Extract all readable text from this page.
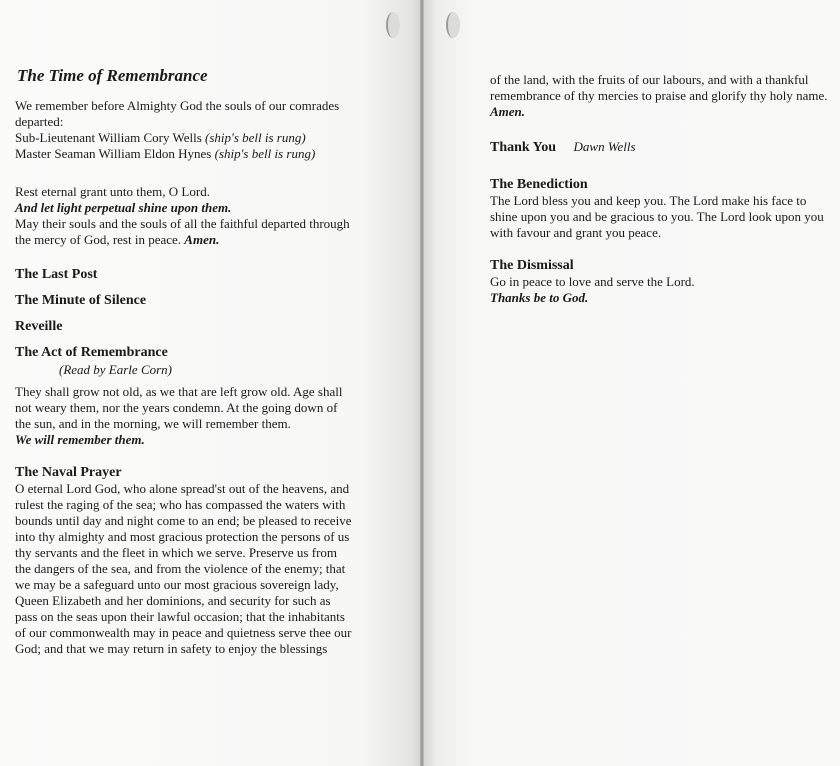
The Time of Remembrance

We remember before Almighty God the souls of our comrades departed:

Sub-Lieutenant William Cory Wells (ship's bell is rung)

Master Seaman William Eldon Hynes (ship's bell is rung)

Rest eternal grant unto them, O Lord.

And let light perpetual shine upon them.

May their souls and the souls of all the faithful departed through the mercy of God, rest in peace. Amen.

The Last Post
The Minute of Silence
Reveille
The Act of Remembrance
(Read by Earle Corn)

They shall grow not old, as we that are left grow old. Age shall not weary them, nor the years condemn. At the going down of the sun, and in the morning, we will remember them.

We will remember them.

The Naval Prayer

O eternal Lord God, who alone spread'st out of the heavens, and rulest the raging of the sea; who has compassed the waters with bounds until day and night come to an end; be pleased to receive into thy almighty and most gracious protection the persons of us thy servants and the fleet in which we serve. Preserve us from the dangers of the sea, and from the violence of the enemy; that we may be a safeguard unto our most gracious sovereign lady, Queen Elizabeth and her dominions, and security for such as pass on the seas upon their lawful occasion; that the inhabitants of our commonwealth may in peace and quietness serve thee our God; and that we may return in safety to enjoy the blessings

of the land, with the fruits of our labours, and with a thankful remembrance of thy mercies to praise and glorify thy holy name. Amen.

Thank You Dawn Wells
The Benediction

The Lord bless you and keep you. The Lord make his face to shine upon you and be gracious to you. The Lord look upon you with favour and grant you peace.

The Dismissal

Go in peace to love and serve the Lord.

Thanks be to God.
